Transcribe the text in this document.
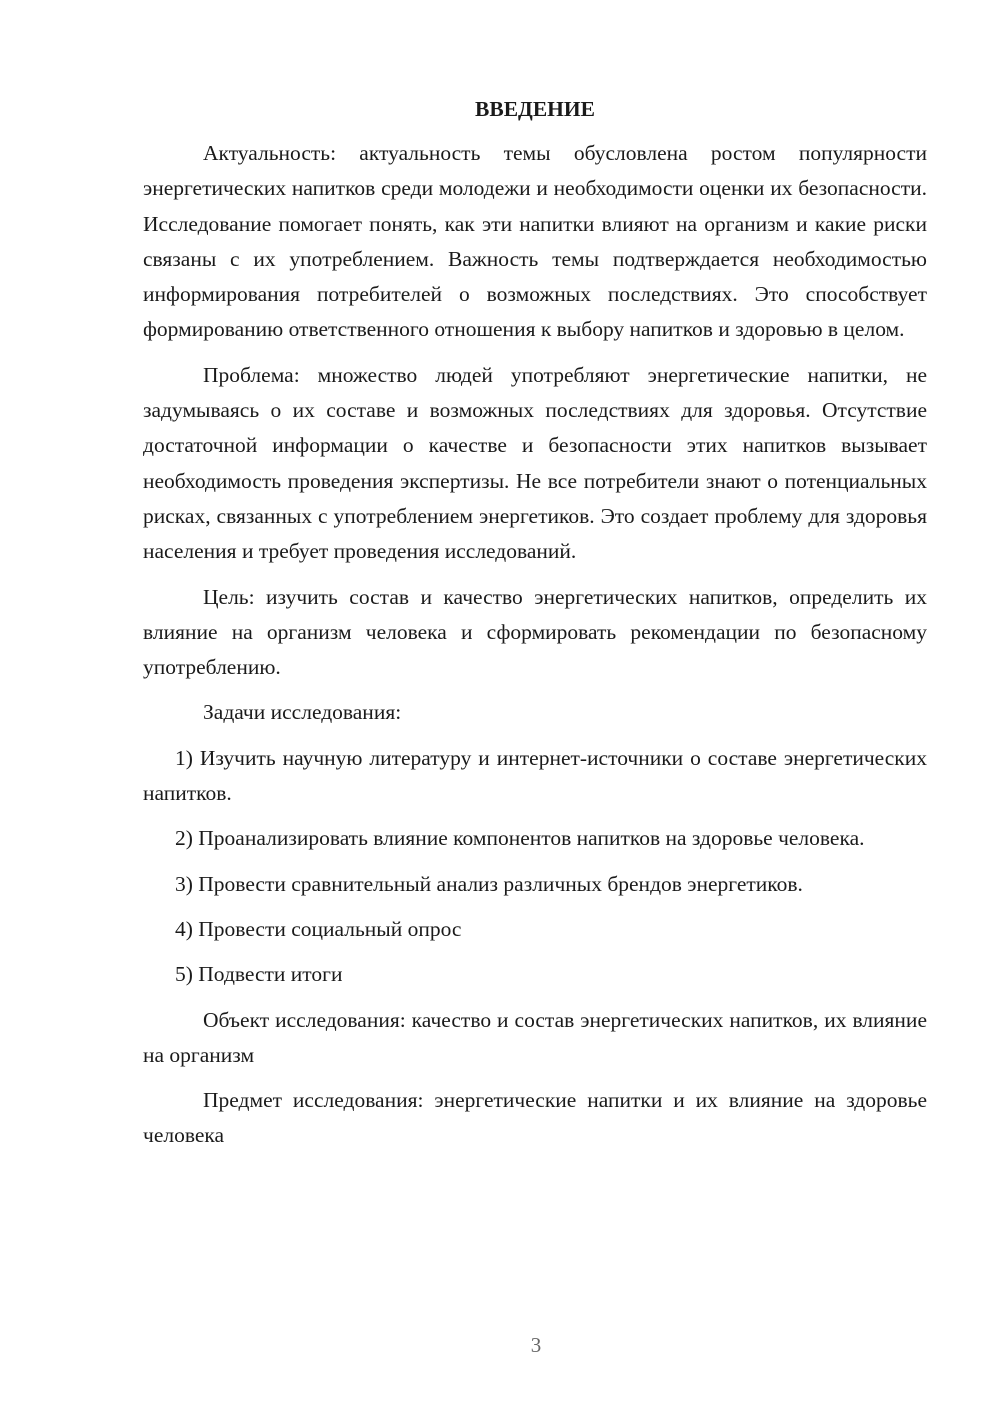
ВВЕДЕНИЕ

Актуальность: актуальность темы обусловлена ростом популярности энергетических напитков среди молодежи и необходимости оценки их безопасности. Исследование помогает понять, как эти напитки влияют на организм и какие риски связаны с их употреблением. Важность темы подтверждается необходимостью информирования потребителей о возможных последствиях. Это способствует формированию ответственного отношения к выбору напитков и здоровью в целом.

Проблема: множество людей употребляют энергетические напитки, не задумываясь о их составе и возможных последствиях для здоровья. Отсутствие достаточной информации о качестве и безопасности этих напитков вызывает необходимость проведения экспертизы. Не все потребители знают о потенциальных рисках, связанных с употреблением энергетиков. Это создает проблему для здоровья населения и требует проведения исследований.

Цель: изучить состав и качество энергетических напитков, определить их влияние на организм человека и сформировать рекомендации по безопасному употреблению.

Задачи исследования:

1) Изучить научную литературу и интернет-источники о составе энергетических напитков.

2) Проанализировать влияние компонентов напитков на здоровье человека.

3) Провести сравнительный анализ различных брендов энергетиков.

4) Провести социальный опрос

5) Подвести итоги

Объект исследования: качество и состав энергетических напитков, их влияние на организм

Предмет исследования: энергетические напитки и их влияние на здоровье человека

3
